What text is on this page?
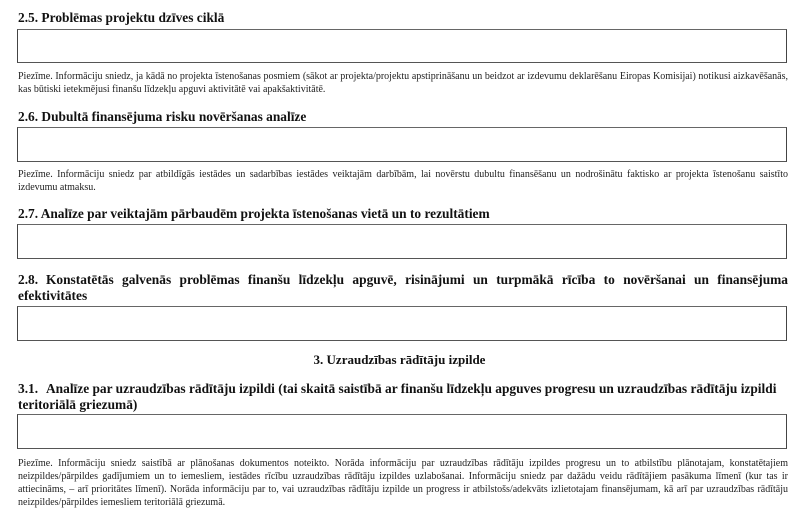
2.5. Problēmas projektu dzīves ciklā
Piezīme. Informāciju sniedz, ja kādā no projekta īstenošanas posmiem (sākot ar projekta/projektu apstiprināšanu un beidzot ar izdevumu deklarēšanu Eiropas Komisijai) notikusi aizkavēšanās, kas būtiski ietekmējusi finanšu līdzekļu apguvi aktivitātē vai apakšaktivitātē.
2.6. Dubultā finansējuma risku novēršanas analīze
Piezīme. Informāciju sniedz par atbildīgās iestādes un sadarbības iestādes veiktajām darbībām, lai novērstu dubultu finansēšanu un nodrošinātu faktisko ar projekta īstenošanu saistīto izdevumu atmaksu.
2.7. Analīze par veiktajām pārbaudēm projekta īstenošanas vietā un to rezultātiem
2.8. Konstatētās galvenās problēmas finanšu līdzekļu apguvē, risinājumi un turpmākā rīcība to novēršanai un finansējuma efektivitātes
3. Uzraudzības rādītāju izpilde
3.1. Analīze par uzraudzības rādītāju izpildi (tai skaitā saistībā ar finanšu līdzekļu apguves progresu un uzraudzības rādītāju izpildi
teritoriālā griezumā)
Piezīme. Informāciju sniedz saistībā ar plānošanas dokumentos noteikto. Norāda informāciju par uzraudzības rādītāju izpildes progresu un to atbilstību plānotajam, konstatētajiem neizpildes/pārpildes gadījumiem un to iemesliem, iestādes rīcību uzraudzības rādītāju izpildes uzlabošanai. Informāciju sniedz par dažādu veidu rādītājiem pasākuma līmenī (kur tas ir attiecināms, – arī prioritātes līmenī). Norāda informāciju par to, vai uzraudzības rādītāju izpilde un progress ir atbilstošs/adekvāts izlietotajam finansējumam, kā arī par uzraudzības rādītāju neizpildes/pārpildes iemesliem teritoriālā griezumā.
